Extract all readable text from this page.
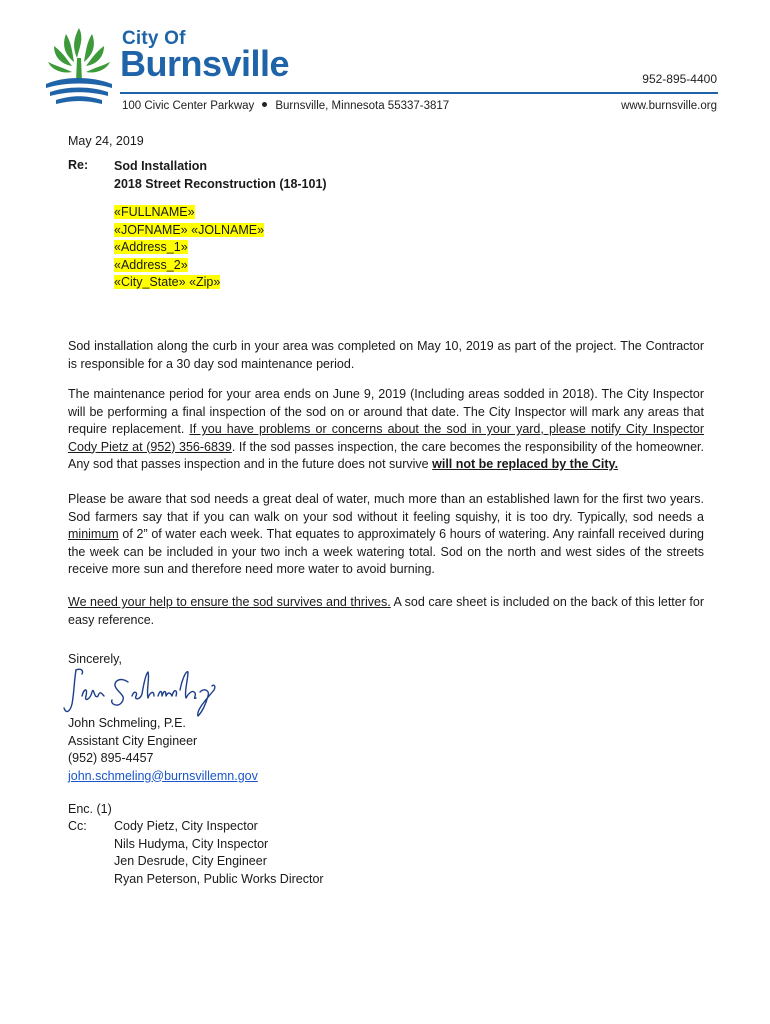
City Of
Burnsville	952-895-4400
100 Civic Center Parkway Burnsville, Minnesota 55337-3817	www.burnsville.org
May 24, 2019
Re: Sod Installation
2018 Street Reconstruction (18-101)
«FULLNAME»
«JOFNAME» «JOLNAME»
«Address_1»
«Address_2»
«City_State» «Zip»
Sod installation along the curb in your area was completed on May 10, 2019 as part of the project. The Contractor is responsible for a 30 day sod maintenance period.
The maintenance period for your area ends on June 9, 2019 (Including areas sodded in 2018). The City Inspector will be performing a final inspection of the sod on or around that date. The City Inspector will mark any areas that require replacement. If you have problems or concerns about the sod in your yard, please notify City Inspector Cody Pietz at (952) 356-6839. If the sod passes inspection, the care becomes the responsibility of the homeowner. Any sod that passes inspection and in the future does not survive will not be replaced by the City.
Please be aware that sod needs a great deal of water, much more than an established lawn for the first two years. Sod farmers say that if you can walk on your sod without it feeling squishy, it is too dry. Typically, sod needs a minimum of 2” of water each week. That equates to approximately 6 hours of watering. Any rainfall received during the week can be included in your two inch a week watering total. Sod on the north and west sides of the streets receive more sun and therefore need more water to avoid burning.
We need your help to ensure the sod survives and thrives. A sod care sheet is included on the back of this letter for easy reference.
Sincerely,
John Schmeling, P.E.
Assistant City Engineer
(952) 895-4457
john.schmeling@burnsvillemn.gov
Enc. (1)
Cc: Cody Pietz, City Inspector
Nils Hudyma, City Inspector
Jen Desrude, City Engineer
Ryan Peterson, Public Works Director
